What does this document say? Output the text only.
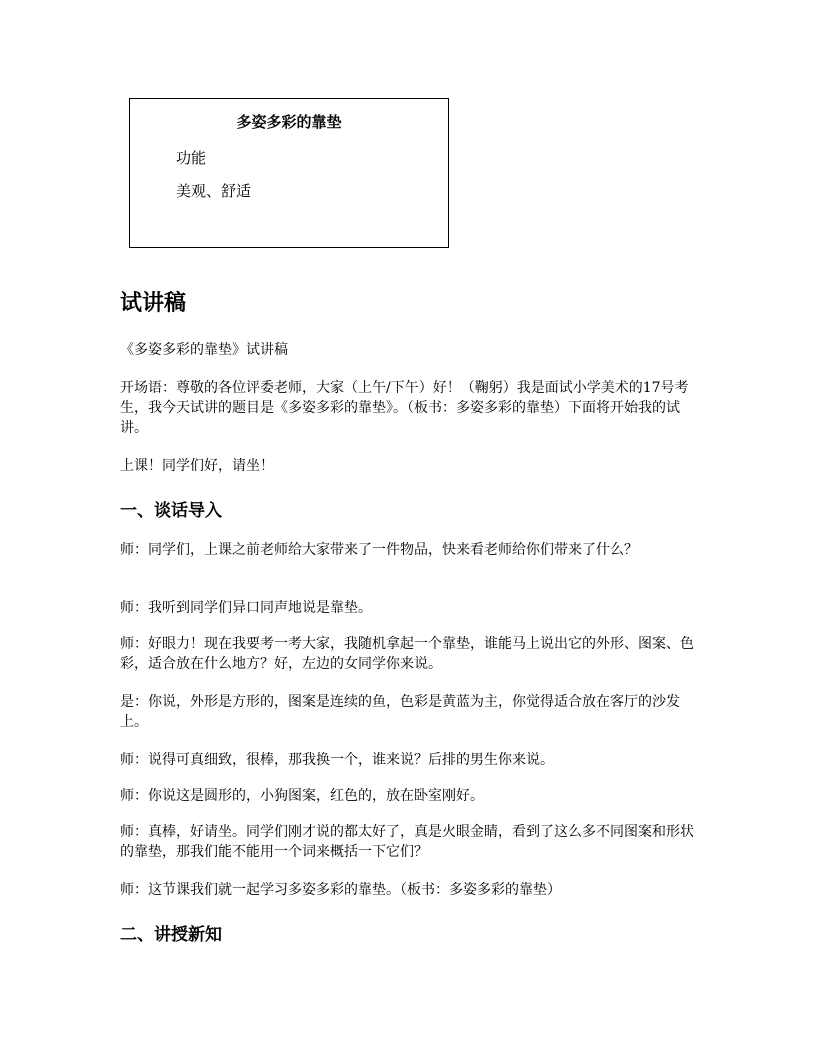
多姿多彩的靠垫
功能
美观、舒适
试讲稿
《多姿多彩的靠垫》试讲稿
开场语：尊敬的各位评委老师，大家（上午/下午）好！（鞠躬）我是面试小学美术的17号考生，我今天试讲的题目是《多姿多彩的靠垫》。（板书：多姿多彩的靠垫）下面将开始我的试讲。
上课！同学们好，请坐！
一、谈话导入
师：同学们，上课之前老师给大家带来了一件物品，快来看老师给你们带来了什么？
师：我听到同学们异口同声地说是靠垫。
师：好眼力！现在我要考一考大家，我随机拿起一个靠垫，谁能马上说出它的外形、图案、色彩，适合放在什么地方？好，左边的女同学你来说。
是：你说，外形是方形的，图案是连续的鱼，色彩是黄蓝为主，你觉得适合放在客厅的沙发上。
师：说得可真细致，很棒，那我换一个，谁来说？后排的男生你来说。
师：你说这是圆形的，小狗图案，红色的，放在卧室刚好。
师：真棒，好请坐。同学们刚才说的都太好了，真是火眼金睛，看到了这么多不同图案和形状的靠垫，那我们能不能用一个词来概括一下它们？
师：这节课我们就一起学习多姿多彩的靠垫。（板书：多姿多彩的靠垫）
二、讲授新知
